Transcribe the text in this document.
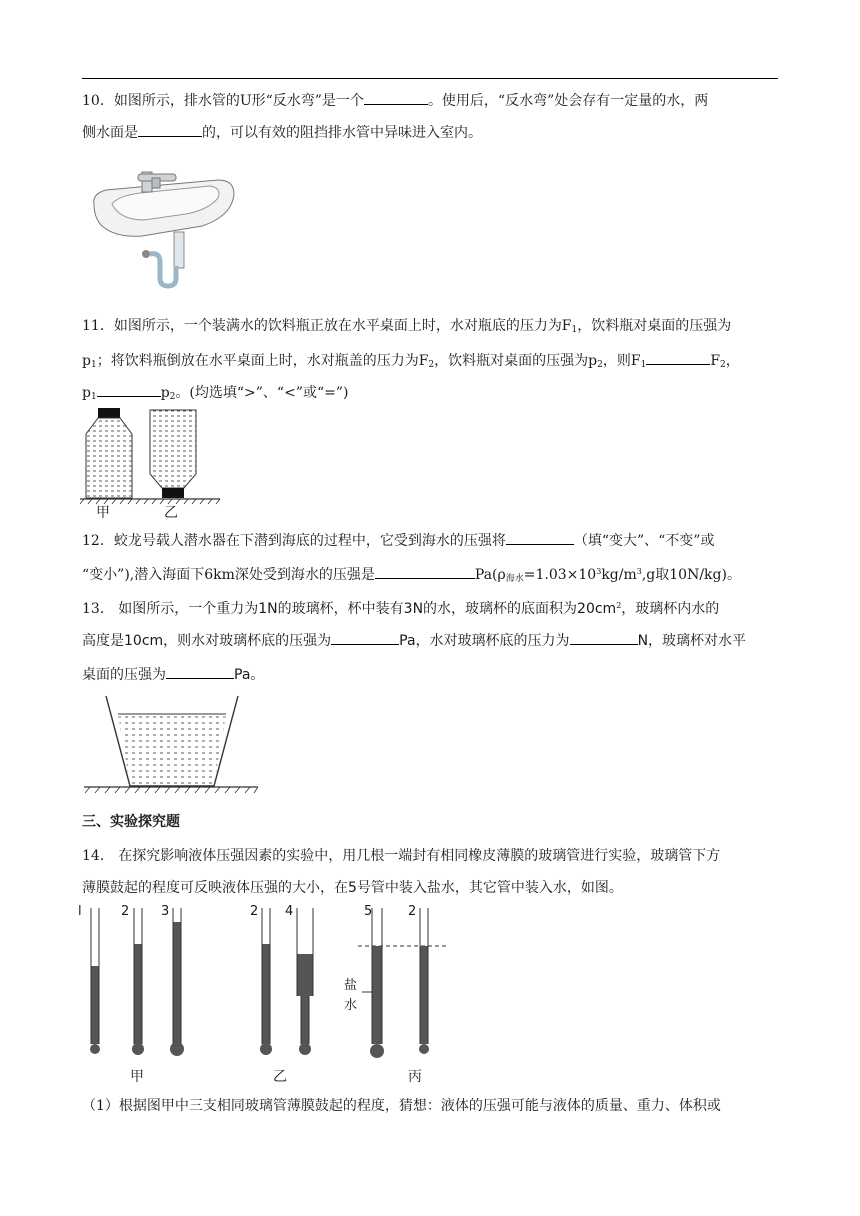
10．如图所示，排水管的U形“反水弯”是一个	。使用后，“反水弯”处会存有一定量的水，两
侧水面是	的，可以有效的阻挡排水管中异味进入室内。
11．如图所示，一个装满水的饮料瓶正放在水平桌面上时，水对瓶底的压力为$F_1$，饮料瓶对桌面的压强为
$p_1$；将饮料瓶倒放在水平桌面上时，水对瓶盖的压力为$F_2$，饮料瓶对桌面的压强为$p_2$，则$F_1$	$F_2$，
$p_1$	$p_2$。(均选填“>”、“<”或“=”)
甲	乙
12．蛟龙号载人潜水器在下潜到海底的过程中，它受到海水的压强将	（填“变大”、“不变”或
“变小”),潜入海面下6km深处受到海水的压强是	$Pa(\rho_{海水}=1.03\times 10^3kg/m^3,g$取10N/kg)。
13． 如图所示，一个重力为1N的玻璃杯，杯中装有3N的水，玻璃杯的底面积为$20cm^2$，玻璃杯内水的
高度是10cm，则水对玻璃杯底的压强为	Pa，水对玻璃杯底的压力为	N，玻璃杯对水平
桌面的压强为	Pa。
三、实验探究题
14． 在探究影响液体压强因素的实验中，用几根一端封有相同橡皮薄膜的玻璃管进行实验，玻璃管下方
薄膜鼓起的程度可反映液体压强的大小，在5号管中装入盐水，其它管中装入水，如图。
l	2 3	2 4	5	2
盐
水
甲	乙	丙
（1）根据图甲中三支相同玻璃管薄膜鼓起的程度，猜想：液体的压强可能与液体的质量、重力、体积或
